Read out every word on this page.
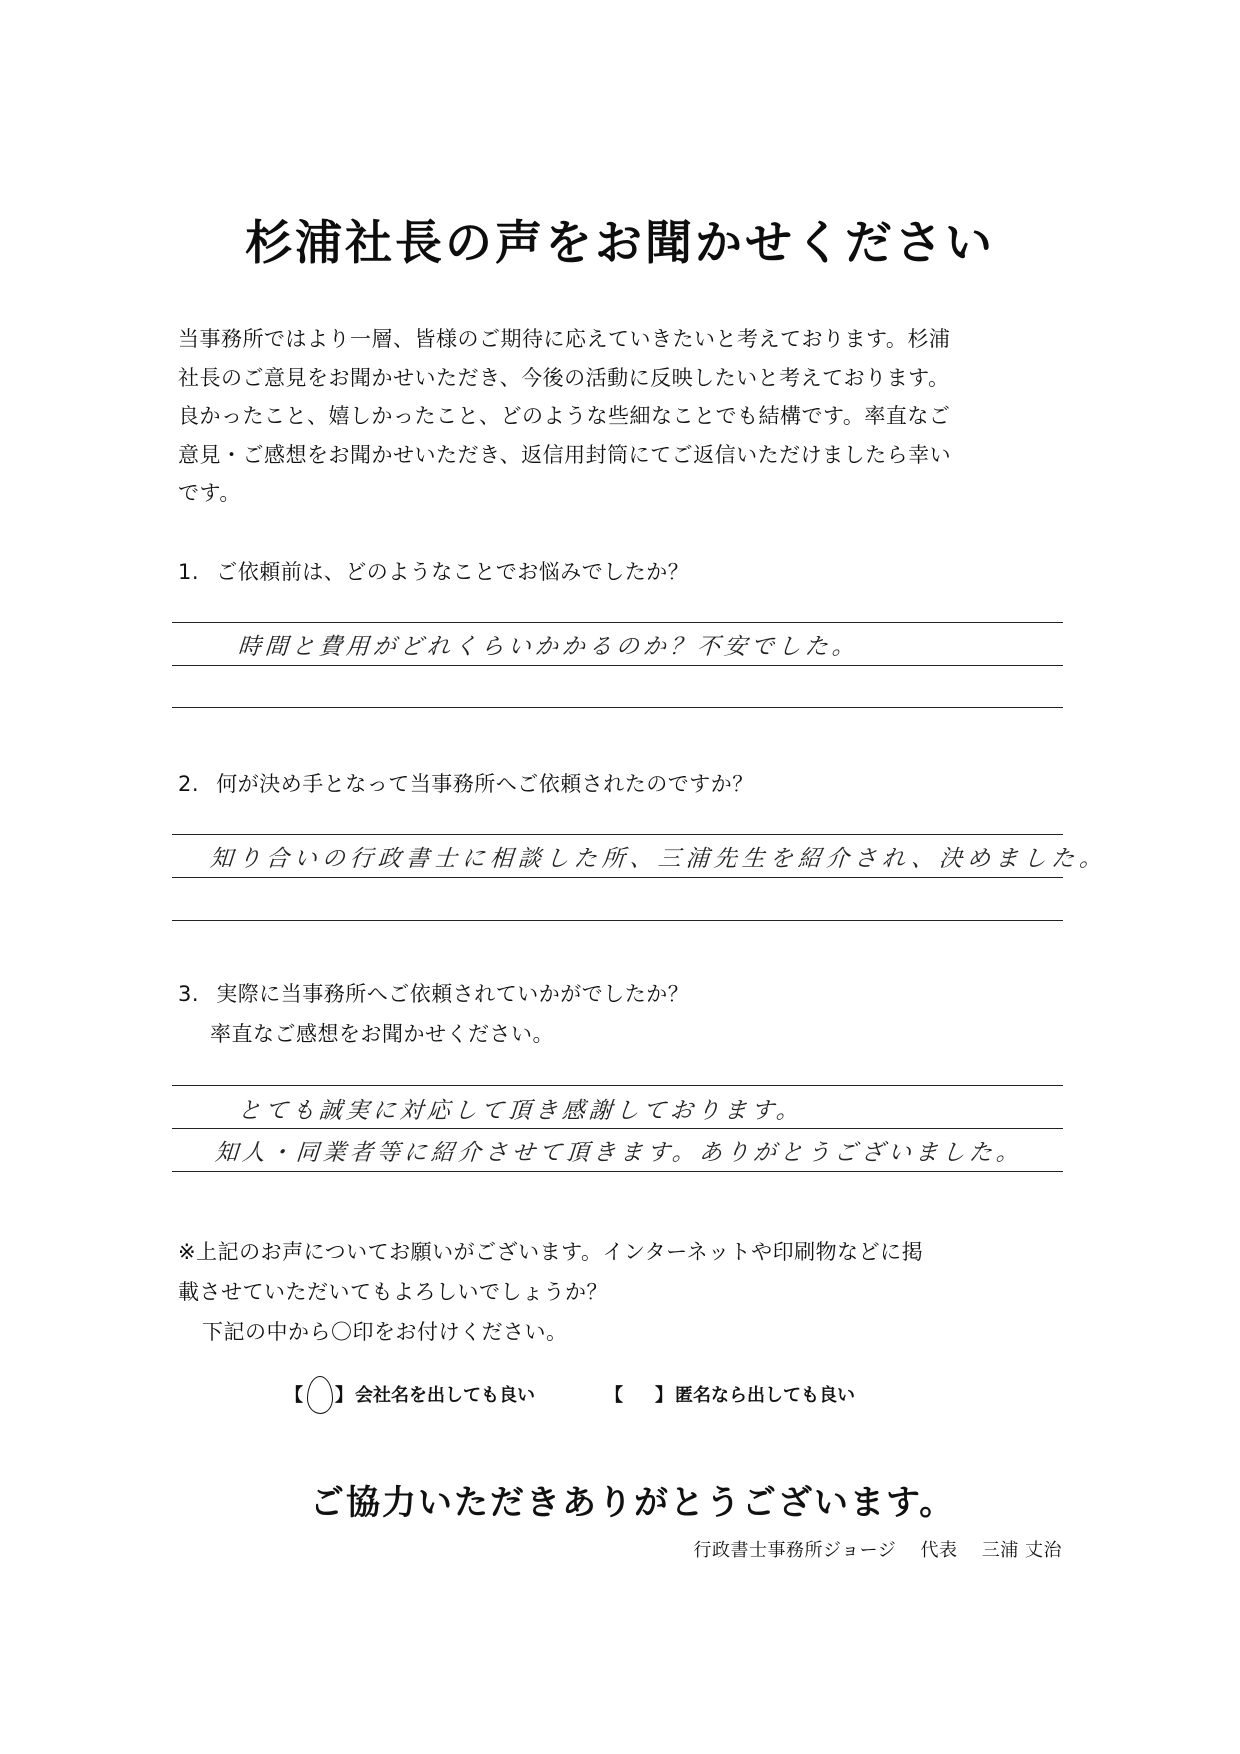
杉浦社長の声をお聞かせください

当事務所ではより一層、皆様のご期待に応えていきたいと考えております。杉浦

社長のご意見をお聞かせいただき、今後の活動に反映したいと考えております。

良かったこと、嬉しかったこと、どのような些細なことでも結構です。率直なご

意見・ご感想をお聞かせいただき、返信用封筒にてご返信いただけましたら幸い

です。

1. ご依頼前は、どのようなことでお悩みでしたか？
時間と費用がどれくらいかかるのか？不安でした。
2. 何が決め手となって当事務所へご依頼されたのですか？
知り合いの行政書士に相談した所、三浦先生を紹介され、決めました。
3. 実際に当事務所へご依頼されていかがでしたか？
率直なご感想をお聞かせください。
とても誠実に対応して頂き感謝しております。
知人・同業者等に紹介させて頂きます。ありがとうございました。

※上記のお声についてお願いがございます。インターネットや印刷物などに掲

載させていただいてもよろしいでしょうか？

下記の中から〇印をお付けください。

【 ○ 】
会社名を出しても良い	【 】
匿名なら出しても良い
ご協力いただきありがとうございます。
行政書士事務所ジョージ 代表 三浦 丈治
